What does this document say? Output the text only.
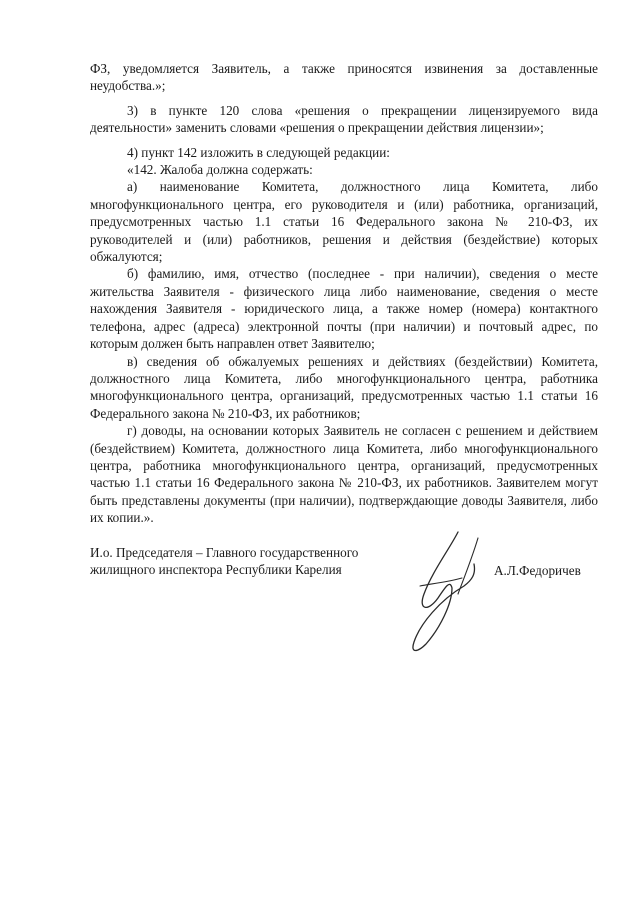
ФЗ, уведомляется Заявитель, а также приносятся извинения за доставленные неудобства.»;

3) в пункте 120 слова «решения о прекращении лицензируемого вида деятельности» заменить словами «решения о прекращении действия лицензии»;

4) пункт 142 изложить в следующей редакции:

«142. Жалоба должна содержать:

а) наименование Комитета, должностного лица Комитета, либо многофункционального центра, его руководителя и (или) работника, организаций, предусмотренных частью 1.1 статьи 16 Федерального закона № 210-ФЗ, их руководителей и (или) работников, решения и действия (бездействие) которых обжалуются;

б) фамилию, имя, отчество (последнее - при наличии), сведения о месте жительства Заявителя - физического лица либо наименование, сведения о месте нахождения Заявителя - юридического лица, а также номер (номера) контактного телефона, адрес (адреса) электронной почты (при наличии) и почтовый адрес, по которым должен быть направлен ответ Заявителю;

в) сведения об обжалуемых решениях и действиях (бездействии) Комитета, должностного лица Комитета, либо многофункционального центра, работника многофункционального центра, организаций, предусмотренных частью 1.1 статьи 16 Федерального закона № 210-ФЗ, их работников;

г) доводы, на основании которых Заявитель не согласен с решением и действием (бездействием) Комитета, должностного лица Комитета, либо многофункционального центра, работника многофункционального центра, организаций, предусмотренных частью 1.1 статьи 16 Федерального закона № 210-ФЗ, их работников. Заявителем могут быть представлены документы (при наличии), подтверждающие доводы Заявителя, либо их копии.».

И.о. Председателя – Главного государственного
жилищного инспектора Республики Карелия	А.Л.Федоричев
